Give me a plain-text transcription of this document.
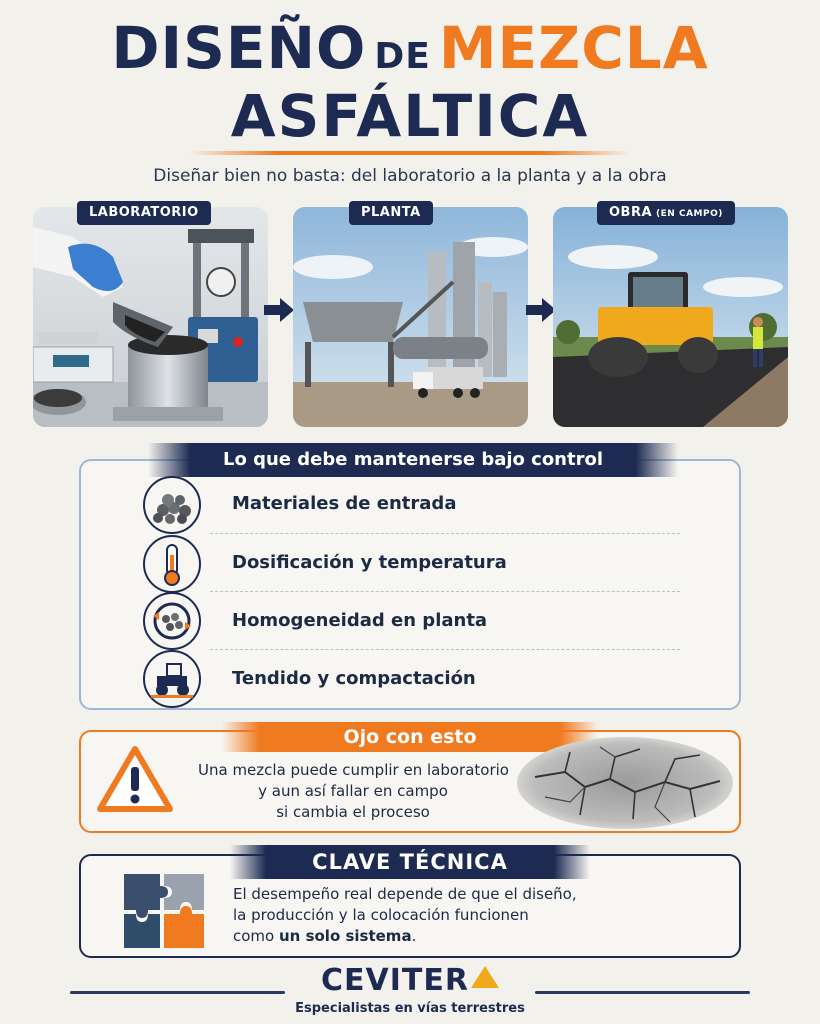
DISEÑO DE MEZCLA
ASFÁLTICA
Diseñar bien no basta: del laboratorio a la planta y a la obra
LABORATORIO	PLANTA	OBRA (EN CAMPO)
Lo que debe mantenerse bajo control
Materiales de entrada
Dosificación y temperatura
Homogeneidad en planta
Tendido y compactación
Ojo con esto
Una mezcla puede cumplir en laboratorio
y aun así fallar en campo
si cambia el proceso
CLAVE TÉCNICA
El desempeño real depende de que el diseño,
la producción y la colocación funcionen
como un solo sistema.
CEVITER
Especialistas en vías terrestres
